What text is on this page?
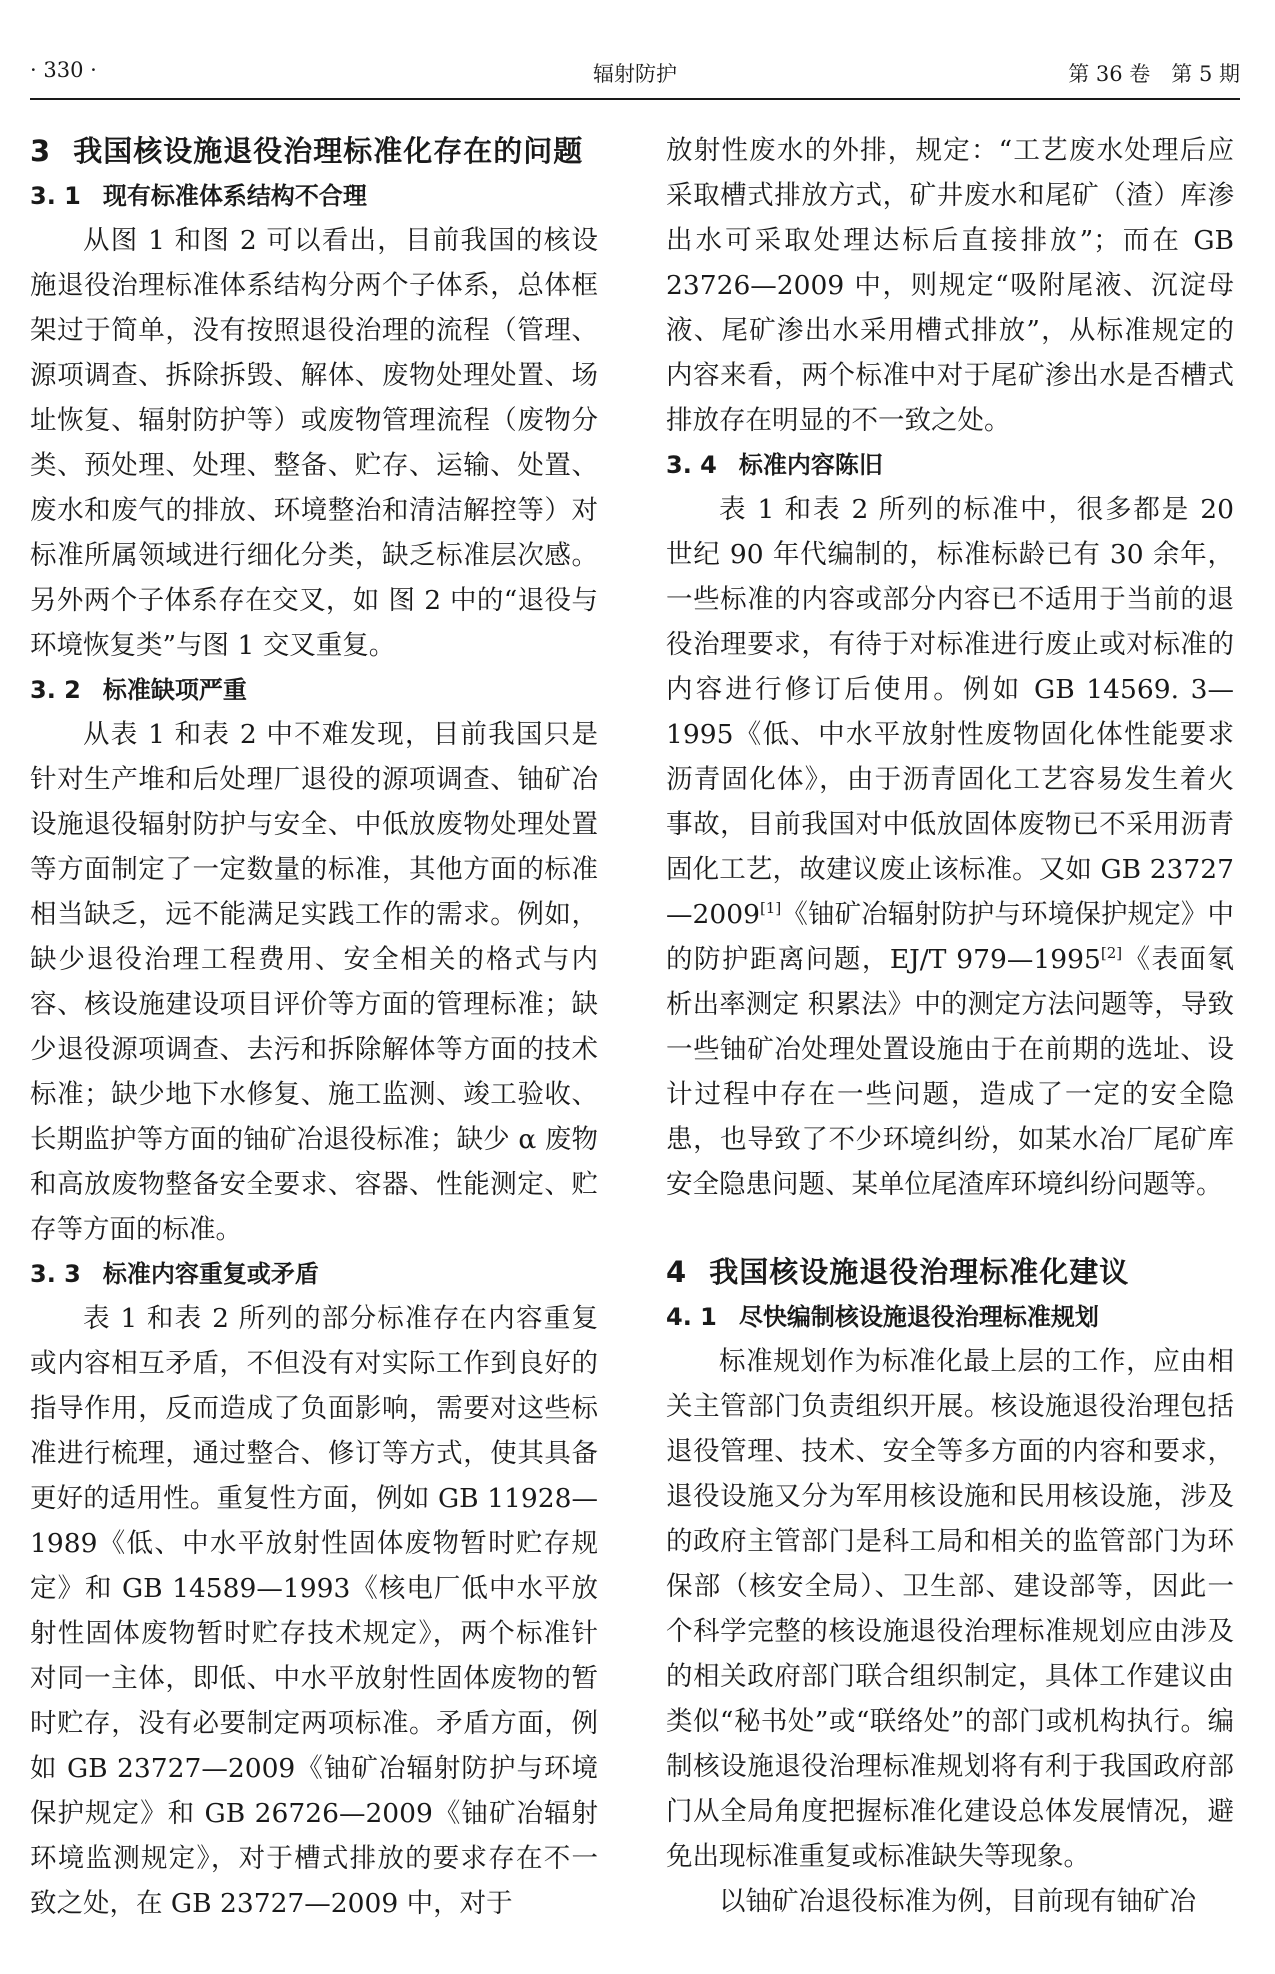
· 330 ·	辐射防护	第 36 卷　第 5 期
3 我国核设施退役治理标准化存在的问题
3. 1 现有标准体系结构不合理

从图 1 和图 2 可以看出，目前我国的核设施退役治理标准体系结构分两个子体系，总体框架过于简单，没有按照退役治理的流程（管理、源项调查、拆除拆毁、解体、废物处理处置、场址恢复、辐射防护等）或废物管理流程（废物分类、预处理、处理、整备、贮存、运输、处置、废水和废气的排放、环境整治和清洁解控等）对标准所属领域进行细化分类，缺乏标准层次感。另外两个子体系存在交叉，如 图 2 中的“退役与环境恢复类”与图 1 交叉重复。

3. 2 标准缺项严重

从表 1 和表 2 中不难发现，目前我国只是针对生产堆和后处理厂退役的源项调查、铀矿冶设施退役辐射防护与安全、中低放废物处理处置等方面制定了一定数量的标准，其他方面的标准相当缺乏，远不能满足实践工作的需求。例如，缺少退役治理工程费用、安全相关的格式与内容、核设施建设项目评价等方面的管理标准；缺少退役源项调查、去污和拆除解体等方面的技术标准；缺少地下水修复、施工监测、竣工验收、长期监护等方面的铀矿冶退役标准；缺少 α 废物和高放废物整备安全要求、容器、性能测定、贮存等方面的标准。

3. 3 标准内容重复或矛盾

表 1 和表 2 所列的部分标准存在内容重复或内容相互矛盾，不但没有对实际工作到良好的指导作用，反而造成了负面影响，需要对这些标准进行梳理，通过整合、修订等方式，使其具备更好的适用性。重复性方面，例如 GB 11928—1989《低、中水平放射性固体废物暂时贮存规定》和 GB 14589—1993《核电厂低中水平放射性固体废物暂时贮存技术规定》，两个标准针对同一主体，即低、中水平放射性固体废物的暂时贮存，没有必要制定两项标准。矛盾方面，例如 GB 23727—2009《铀矿冶辐射防护与环境保护规定》和 GB 26726—2009《铀矿冶辐射环境监测规定》，对于槽式排放的要求存在不一致之处，在 GB 23727—2009 中，对于

放射性废水的外排，规定：“工艺废水处理后应采取槽式排放方式，矿井废水和尾矿（渣）库渗出水可采取处理达标后直接排放”；而在 GB 23726—2009 中，则规定“吸附尾液、沉淀母液、尾矿渗出水采用槽式排放”，从标准规定的内容来看，两个标准中对于尾矿渗出水是否槽式排放存在明显的不一致之处。

3. 4 标准内容陈旧

表 1 和表 2 所列的标准中，很多都是 20 世纪 90 年代编制的，标准标龄已有 30 余年，一些标准的内容或部分内容已不适用于当前的退役治理要求，有待于对标准进行废止或对标准的内容进行修订后使用。例如 GB 14569. 3—1995《低、中水平放射性废物固化体性能要求 沥青固化体》，由于沥青固化工艺容易发生着火事故，目前我国对中低放固体废物已不采用沥青固化工艺，故建议废止该标准。又如 GB 23727—2009[1]《铀矿冶辐射防护与环境保护规定》中的防护距离问题，EJ/T 979—1995[2]《表面氡析出率测定 积累法》中的测定方法问题等，导致一些铀矿冶处理处置设施由于在前期的选址、设计过程中存在一些问题，造成了一定的安全隐患，也导致了不少环境纠纷，如某水冶厂尾矿库安全隐患问题、某单位尾渣库环境纠纷问题等。

4 我国核设施退役治理标准化建议
4. 1 尽快编制核设施退役治理标准规划

标准规划作为标准化最上层的工作，应由相关主管部门负责组织开展。核设施退役治理包括退役管理、技术、安全等多方面的内容和要求，退役设施又分为军用核设施和民用核设施，涉及的政府主管部门是科工局和相关的监管部门为环保部（核安全局）、卫生部、建设部等，因此一个科学完整的核设施退役治理标准规划应由涉及的相关政府部门联合组织制定，具体工作建议由类似“秘书处”或“联络处”的部门或机构执行。编制核设施退役治理标准规划将有利于我国政府部门从全局角度把握标准化建设总体发展情况，避免出现标准重复或标准缺失等现象。

以铀矿冶退役标准为例，目前现有铀矿冶
